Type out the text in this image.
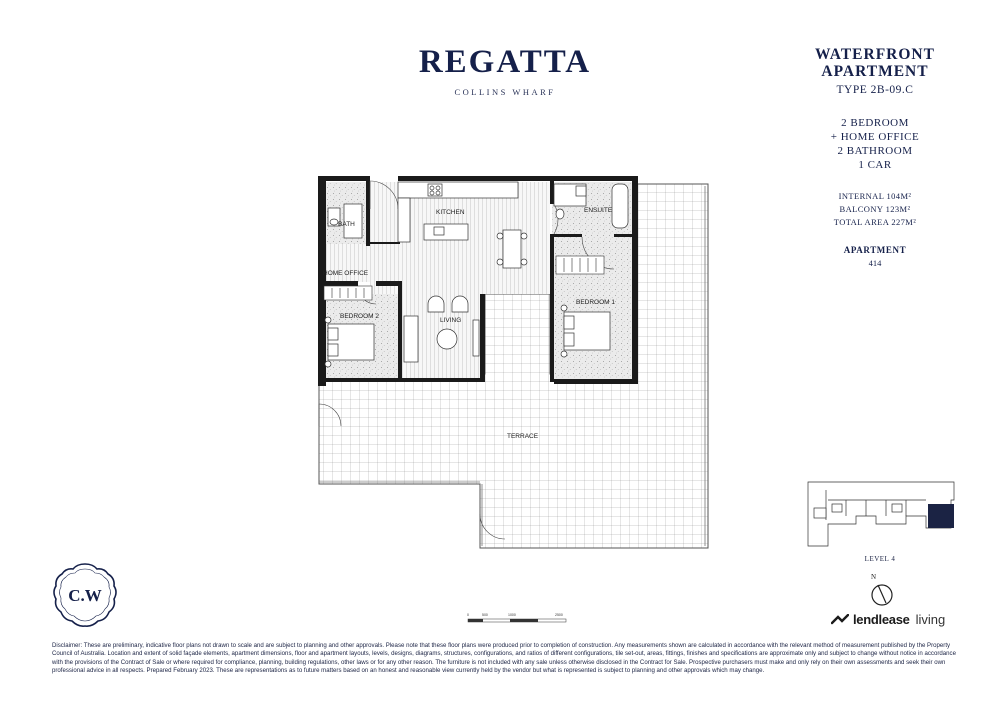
REGATTA
COLLINS WHARF
WATERFRONT
APARTMENT
TYPE 2B-09.C
2 BEDROOM
+ HOME OFFICE
2 BATHROOM
1 CAR
INTERNAL 104M²
BALCONY 123M²
TOTAL AREA 227M²
APARTMENT
414
KITCHEN	ENSUITE
BATH
HOME OFFICE
BEDROOM 2
LIVING
BEDROOM 1
TERRACE
LEVEL 4
N
lendlease living
C.W
0	500	1000	2500
Disclaimer: These are preliminary, indicative floor plans not drawn to scale and are subject to planning and other approvals. Please note that these floor plans were produced prior to completion of construction. Any measurements shown are calculated in accordance with the relevant method of measurement published by the Property Council of Australia. Location and extent of solid façade elements, apartment dimensions, floor and apartment layouts, levels, designs, diagrams, structures, configurations, and ratios of different configurations, tile set-out, areas, fittings, finishes and specifications are approximate only and subject to change without notice in accordance with the provisions of the Contract of Sale or where required for compliance, planning, building regulations, other laws or for any other reason. The furniture is not included with any sale unless otherwise disclosed in the Contract for Sale. Prospective purchasers must make and only rely on their own assessments and seek their own professional advice in all respects. Prepared February 2023. These are representations as to future matters based on an honest and reasonable view currently held by the vendor but what is represented is subject to planning and other approvals which may change.
